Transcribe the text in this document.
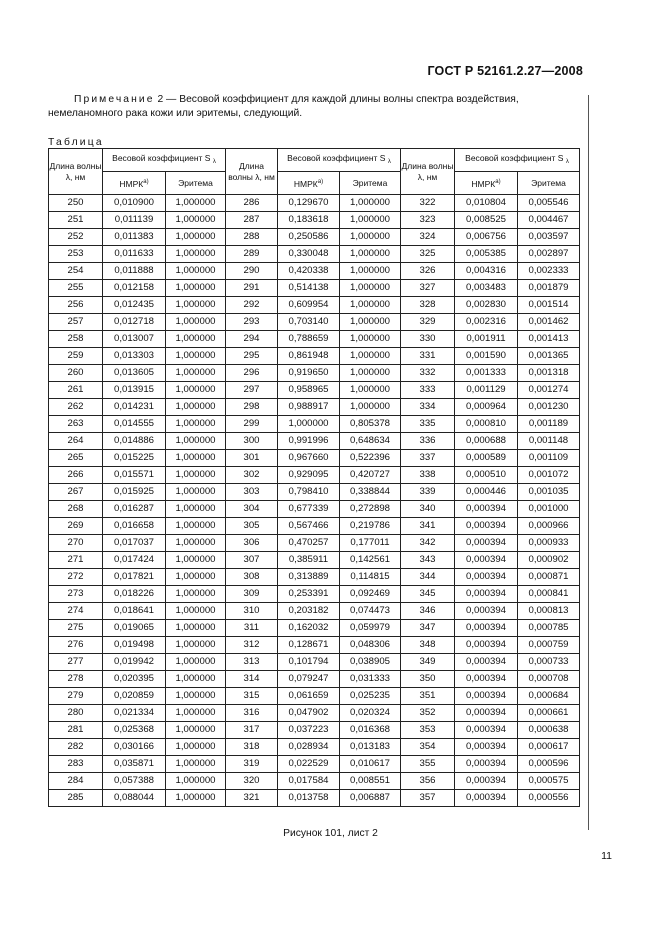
ГОСТ Р 52161.2.27—2008
Примечание 2 — Весовой коэффициент для каждой длины волны спектра воздействия, немеланомного рака кожи или эритемы, следующий.
Таблица
Длина волны λ, нм	Весовой коэффициент S $_\lambda$		Длина волны λ, нм	Весовой коэффициент S $_\lambda$		Длина волны λ, нм	Весовой коэффициент S $_\lambda$
	$НМРК^{а)}$	Эритема		$НМРК^{а)}$	Эритема		$НМРК^{а)}$	Эритема
250	0,010900	1,000000	286	0,129670	1,000000	322	0,010804	0,005546
251	0,011139	1,000000	287	0,183618	1,000000	323	0,008525	0,004467
252	0,011383	1,000000	288	0,250586	1,000000	324	0,006756	0,003597
253	0,011633	1,000000	289	0,330048	1,000000	325	0,005385	0,002897
254	0,011888	1,000000	290	0,420338	1,000000	326	0,004316	0,002333
255	0,012158	1,000000	291	0,514138	1,000000	327	0,003483	0,001879
256	0,012435	1,000000	292	0,609954	1,000000	328	0,002830	0,001514
257	0,012718	1,000000	293	0,703140	1,000000	329	0,002316	0,001462
258	0,013007	1,000000	294	0,788659	1,000000	330	0,001911	0,001413
259	0,013303	1,000000	295	0,861948	1,000000	331	0,001590	0,001365
260	0,013605	1,000000	296	0,919650	1,000000	332	0,001333	0,001318
261	0,013915	1,000000	297	0,958965	1,000000	333	0,001129	0,001274
262	0,014231	1,000000	298	0,988917	1,000000	334	0,000964	0,001230
263	0,014555	1,000000	299	1,000000	0,805378	335	0,000810	0,001189
264	0,014886	1,000000	300	0,991996	0,648634	336	0,000688	0,001148
265	0,015225	1,000000	301	0,967660	0,522396	337	0,000589	0,001109
266	0,015571	1,000000	302	0,929095	0,420727	338	0,000510	0,001072
267	0,015925	1,000000	303	0,798410	0,338844	339	0,000446	0,001035
268	0,016287	1,000000	304	0,677339	0,272898	340	0,000394	0,001000
269	0,016658	1,000000	305	0,567466	0,219786	341	0,000394	0,000966
270	0,017037	1,000000	306	0,470257	0,177011	342	0,000394	0,000933
271	0,017424	1,000000	307	0,385911	0,142561	343	0,000394	0,000902
272	0,017821	1,000000	308	0,313889	0,114815	344	0,000394	0,000871
273	0,018226	1,000000	309	0,253391	0,092469	345	0,000394	0,000841
274	0,018641	1,000000	310	0,203182	0,074473	346	0,000394	0,000813
275	0,019065	1,000000	311	0,162032	0,059979	347	0,000394	0,000785
276	0,019498	1,000000	312	0,128671	0,048306	348	0,000394	0,000759
277	0,019942	1,000000	313	0,101794	0,038905	349	0,000394	0,000733
278	0,020395	1,000000	314	0,079247	0,031333	350	0,000394	0,000708
279	0,020859	1,000000	315	0,061659	0,025235	351	0,000394	0,000684
280	0,021334	1,000000	316	0,047902	0,020324	352	0,000394	0,000661
281	0,025368	1,000000	317	0,037223	0,016368	353	0,000394	0,000638
282	0,030166	1,000000	318	0,028934	0,013183	354	0,000394	0,000617
283	0,035871	1,000000	319	0,022529	0,010617	355	0,000394	0,000596
284	0,057388	1,000000	320	0,017584	0,008551	356	0,000394	0,000575
285	0,088044	1,000000	321	0,013758	0,006887	357	0,000394	0,000556
Рисунок 101, лист 2
11
